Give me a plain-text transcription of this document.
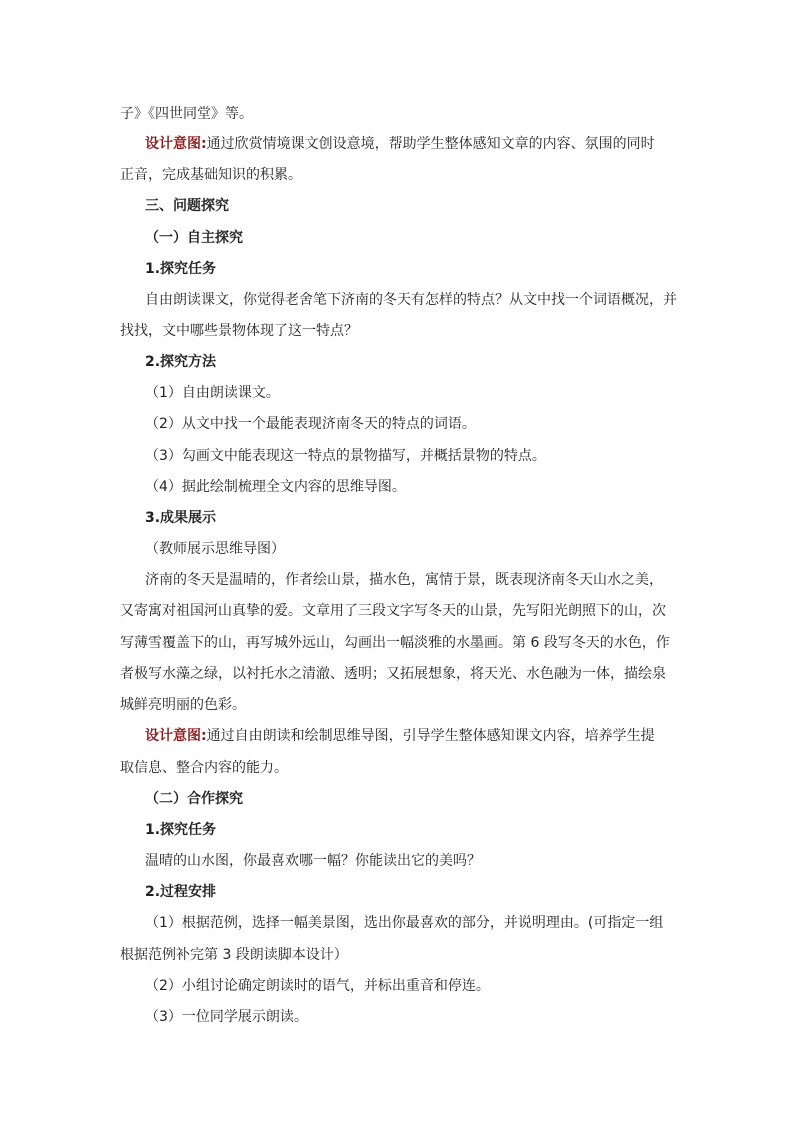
子》《四世同堂》等。
设计意图:通过欣赏情境课文创设意境，帮助学生整体感知文章的内容、氛围的同时
正音，完成基础知识的积累。
三、问题探究
（一）自主探究
1.探究任务
自由朗读课文，你觉得老舍笔下济南的冬天有怎样的特点？从文中找一个词语概况，并
找找，文中哪些景物体现了这一特点？
2.探究方法
（1）自由朗读课文。
（2）从文中找一个最能表现济南冬天的特点的词语。
（3）勾画文中能表现这一特点的景物描写，并概括景物的特点。
（4）据此绘制梳理全文内容的思维导图。
3.成果展示
（教师展示思维导图）
济南的冬天是温晴的，作者绘山景，描水色，寓情于景，既表现济南冬天山水之美，
又寄寓对祖国河山真挚的爱。文章用了三段文字写冬天的山景，先写阳光朗照下的山，次
写薄雪覆盖下的山，再写城外远山，勾画出一幅淡雅的水墨画。第 6 段写冬天的水色，作
者极写水藻之绿，以衬托水之清澈、透明；又拓展想象，将天光、水色融为一体，描绘泉
城鲜亮明丽的色彩。
设计意图:通过自由朗读和绘制思维导图，引导学生整体感知课文内容，培养学生提
取信息、整合内容的能力。
（二）合作探究
1.探究任务
温晴的山水图，你最喜欢哪一幅？你能读出它的美吗？
2.过程安排
（1）根据范例，选择一幅美景图，选出你最喜欢的部分，并说明理由。(可指定一组
根据范例补完第 3 段朗读脚本设计）
（2）小组讨论确定朗读时的语气，并标出重音和停连。
（3）一位同学展示朗读。
